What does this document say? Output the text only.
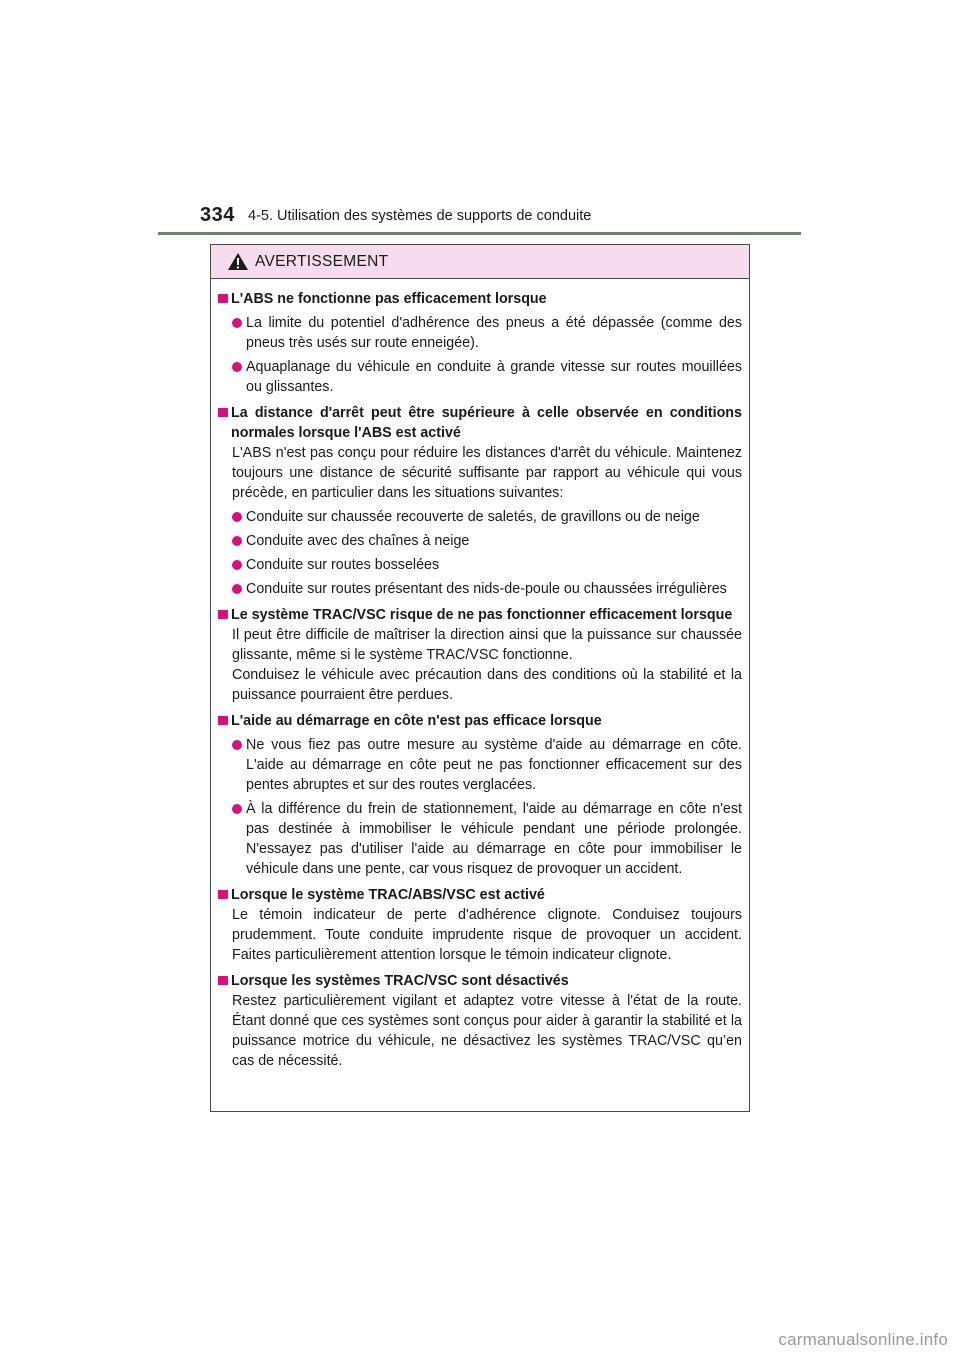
334 4-5. Utilisation des systèmes de supports de conduite
AVERTISSEMENT
L'ABS ne fonctionne pas efficacement lorsque
La limite du potentiel d'adhérence des pneus a été dépassée (comme des pneus très usés sur route enneigée).
Aquaplanage du véhicule en conduite à grande vitesse sur routes mouillées ou glissantes.
La distance d'arrêt peut être supérieure à celle observée en conditions normales lorsque l'ABS est activé
L'ABS n'est pas conçu pour réduire les distances d'arrêt du véhicule. Maintenez toujours une distance de sécurité suffisante par rapport au véhicule qui vous précède, en particulier dans les situations suivantes:
Conduite sur chaussée recouverte de saletés, de gravillons ou de neige
Conduite avec des chaînes à neige
Conduite sur routes bosselées
Conduite sur routes présentant des nids-de-poule ou chaussées irrégulières
Le système TRAC/VSC risque de ne pas fonctionner efficacement lorsque
Il peut être difficile de maîtriser la direction ainsi que la puissance sur chaussée glissante, même si le système TRAC/VSC fonctionne.
Conduisez le véhicule avec précaution dans des conditions où la stabilité et la puissance pourraient être perdues.
L'aide au démarrage en côte n'est pas efficace lorsque
Ne vous fiez pas outre mesure au système d'aide au démarrage en côte. L'aide au démarrage en côte peut ne pas fonctionner efficacement sur des pentes abruptes et sur des routes verglacées.
À la différence du frein de stationnement, l'aide au démarrage en côte n'est pas destinée à immobiliser le véhicule pendant une période prolongée. N'essayez pas d'utiliser l'aide au démarrage en côte pour immobiliser le véhicule dans une pente, car vous risquez de provoquer un accident.
Lorsque le système TRAC/ABS/VSC est activé
Le témoin indicateur de perte d'adhérence clignote. Conduisez toujours prudemment. Toute conduite imprudente risque de provoquer un accident. Faites particulièrement attention lorsque le témoin indicateur clignote.
Lorsque les systèmes TRAC/VSC sont désactivés
Restez particulièrement vigilant et adaptez votre vitesse à l'état de la route. Étant donné que ces systèmes sont conçus pour aider à garantir la stabilité et la puissance motrice du véhicule, ne désactivez les systèmes TRAC/VSC qu’en cas de nécessité.
carmanualsonline.info
